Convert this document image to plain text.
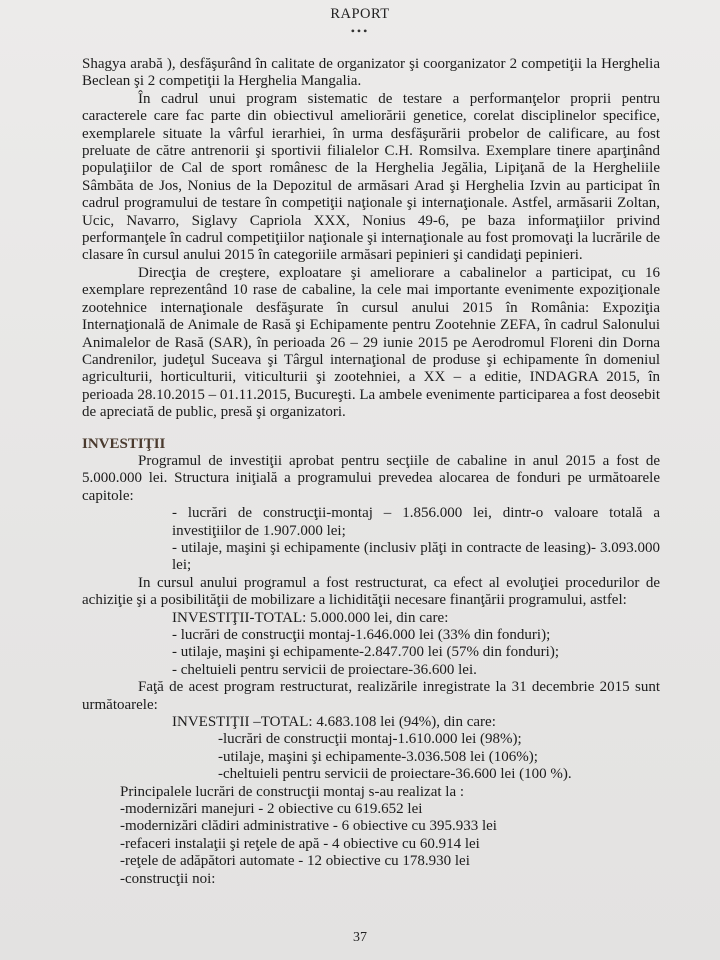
RAPORT
•••

Shagya arabă ), desfăşurând în calitate de organizator şi coorganizator 2 competiţii la Herghelia Beclean şi 2 competiţii la Herghelia Mangalia.

În cadrul unui program sistematic de testare a performanţelor proprii pentru caracterele care fac parte din obiectivul ameliorării genetice, corelat disciplinelor specifice, exemplarele situate la vârful ierarhiei, în urma desfăşurării probelor de calificare, au fost preluate de către antrenorii şi sportivii filialelor C.H. Romsilva. Exemplare tinere aparţinând populaţiilor de Cal de sport românesc de la Herghelia Jegălia, Lipiţană de la Hergheliile Sâmbăta de Jos, Nonius de la Depozitul de armăsari Arad şi Herghelia Izvin au participat în cadrul programului de testare în competiţii naţionale şi internaţionale. Astfel, armăsarii Zoltan, Ucic, Navarro, Siglavy Capriola XXX, Nonius 49-6, pe baza informaţiilor privind performanţele în cadrul competiţiilor naţionale şi internaţionale au fost promovaţi la lucrările de clasare în cursul anului 2015 în categoriile armăsari pepinieri şi candidaţi pepinieri.

Direcţia de creştere, exploatare şi ameliorare a cabalinelor a participat, cu 16 exemplare reprezentând 10 rase de cabaline, la cele mai importante evenimente expoziţionale zootehnice internaţionale desfăşurate în cursul anului 2015 în România: Expoziţia Internaţională de Animale de Rasă şi Echipamente pentru Zootehnie ZEFA, în cadrul Salonului Animalelor de Rasă (SAR), în perioada 26 – 29 iunie 2015 pe Aerodromul Floreni din Dorna Candrenilor, judeţul Suceava şi Târgul internaţional de produse şi echipamente în domeniul agriculturii, horticulturii, viticulturii şi zootehniei, a XX – a editie, INDAGRA 2015, în perioada 28.10.2015 – 01.11.2015, Bucureşti. La ambele evenimente participarea a fost deosebit de apreciată de public, presă şi organizatori.

INVESTIŢII

Programul de investiţii aprobat pentru secţiile de cabaline in anul 2015 a fost de 5.000.000 lei. Structura iniţială a programului prevedea alocarea de fonduri pe următoarele capitole:

- lucrări de construcţii-montaj – 1.856.000 lei, dintr-o valoare totală a investiţiilor de 1.907.000 lei;

- utilaje, maşini şi echipamente (inclusiv plăţi in contracte de leasing)- 3.093.000 lei;

In cursul anului programul a fost restructurat, ca efect al evoluţiei procedurilor de achiziţie şi a posibilităţii de mobilizare a lichidităţii necesare finanţării programului, astfel:

INVESTIŢII-TOTAL: 5.000.000 lei, din care:

- lucrări de construcţii montaj-1.646.000 lei (33% din fonduri);

- utilaje, maşini şi echipamente-2.847.700 lei (57% din fonduri);

- cheltuieli pentru servicii de proiectare-36.600 lei.

Faţă de acest program restructurat, realizările inregistrate la 31 decembrie 2015 sunt următoarele:

INVESTIŢII –TOTAL: 4.683.108 lei (94%), din care:

-lucrări de construcţii montaj-1.610.000 lei (98%);

-utilaje, maşini şi echipamente-3.036.508 lei (106%);

-cheltuieli pentru servicii de proiectare-36.600 lei (100 %).

Principalele lucrări de construcţii montaj s-au realizat la :

-modernizări manejuri - 2 obiective cu 619.652 lei

-modernizări clădiri administrative - 6 obiective cu 395.933 lei

-refaceri instalaţii şi reţele de apă - 4 obiective cu 60.914 lei

-reţele de adăpători automate - 12 obiective cu 178.930 lei

-construcţii noi:

37
